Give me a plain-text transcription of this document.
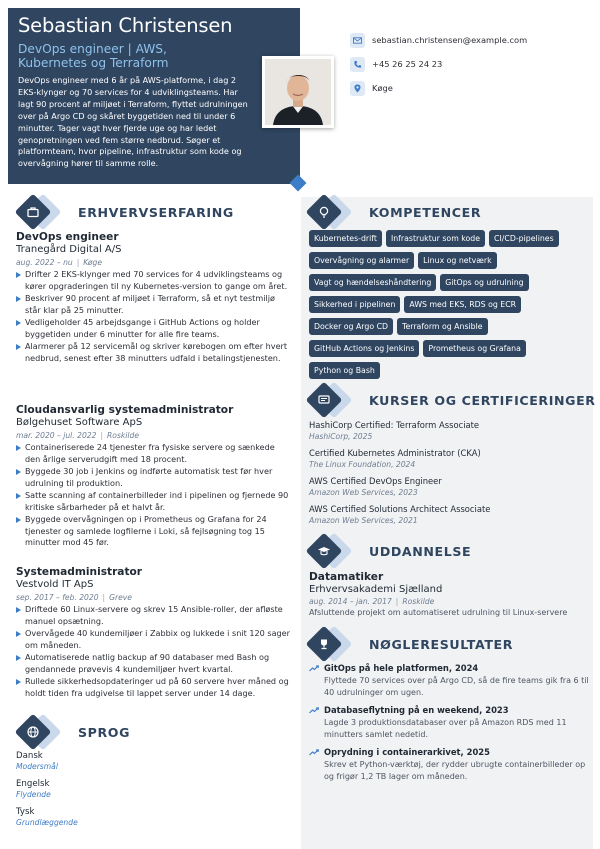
Sebastian Christensen
DevOps engineer | AWS, Kubernetes og Terraform
DevOps engineer med 6 år på AWS-platforme, i dag 2 EKS-klynger og 70 services for 4 udviklingsteams. Har lagt 90 procent af miljøet i Terraform, flyttet udrulningen over på Argo CD og skåret byggetiden ned til under 6 minutter. Tager vagt hver fjerde uge og har ledet genopretningen ved fem større nedbrud. Søger et platformteam, hvor pipeline, infrastruktur som kode og overvågning hører til samme rolle.
sebastian.christensen@example.com
+45 26 25 24 23
Køge
ERHVERVSERFARING
DevOps engineer
Tranegård Digital A/S
aug. 2022 – nu | Køge
Drifter 2 EKS-klynger med 70 services for 4 udviklingsteams og kører opgraderingen til ny Kubernetes-version to gange om året.
Beskriver 90 procent af miljøet i Terraform, så et nyt testmiljø står klar på 25 minutter.
Vedligeholder 45 arbejdsgange i GitHub Actions og holder byggetiden under 6 minutter for alle fire teams.
Alarmerer på 12 servicemål og skriver kørebogen om efter hvert nedbrud, senest efter 38 minutters udfald i betalingstjenesten.
Cloudansvarlig systemadministrator
Bølgehuset Software ApS
mar. 2020 – jul. 2022 | Roskilde
Containeriserede 24 tjenester fra fysiske servere og sænkede den årlige serverudgift med 18 procent.
Byggede 30 job i Jenkins og indførte automatisk test før hver udrulning til produktion.
Satte scanning af containerbilleder ind i pipelinen og fjernede 90 kritiske sårbarheder på et halvt år.
Byggede overvågningen op i Prometheus og Grafana for 24 tjenester og samlede logfilerne i Loki, så fejlsøgning tog 15 minutter mod 45 før.
Systemadministrator
Vestvold IT ApS
sep. 2017 – feb. 2020 | Greve
Driftede 60 Linux-servere og skrev 15 Ansible-roller, der afløste manuel opsætning.
Overvågede 40 kundemiljøer i Zabbix og lukkede i snit 120 sager om måneden.
Automatiserede natlig backup af 90 databaser med Bash og gendannede prøvevis 4 kundemiljøer hvert kvartal.
Rullede sikkerhedsopdateringer ud på 60 servere hver måned og holdt tiden fra udgivelse til lappet server under 14 dage.
SPROG
Dansk
Modersmål
Engelsk
Flydende
Tysk
Grundlæggende
KOMPETENCER
Kubernetes-drift	Infrastruktur som kode	CI/CD-pipelines
Overvågning og alarmer	Linux og netværk
Vagt og hændelseshåndtering	GitOps og udrulning
Sikkerhed i pipelinen	AWS med EKS, RDS og ECR
Docker og Argo CD	Terraform og Ansible
GitHub Actions og Jenkins	Prometheus og Grafana
Python og Bash
KURSER OG CERTIFICERINGER
HashiCorp Certified: Terraform Associate
HashiCorp, 2025
Certified Kubernetes Administrator (CKA)
The Linux Foundation, 2024
AWS Certified DevOps Engineer
Amazon Web Services, 2023
AWS Certified Solutions Architect Associate
Amazon Web Services, 2021
UDDANNELSE
Datamatiker
Erhvervsakademi Sjælland
aug. 2014 – jan. 2017 | Roskilde
Afsluttende projekt om automatiseret udrulning til Linux-servere
NØGLERESULTATER
GitOps på hele platformen, 2024
Flyttede 70 services over på Argo CD, så de fire teams gik fra 6 til 40 udrulninger om ugen.
Databaseflytning på en weekend, 2023
Lagde 3 produktionsdatabaser over på Amazon RDS med 11 minutters samlet nedetid.
Oprydning i containerarkivet, 2025
Skrev et Python-værktøj, der rydder ubrugte containerbilleder op og frigør 1,2 TB lager om måneden.
